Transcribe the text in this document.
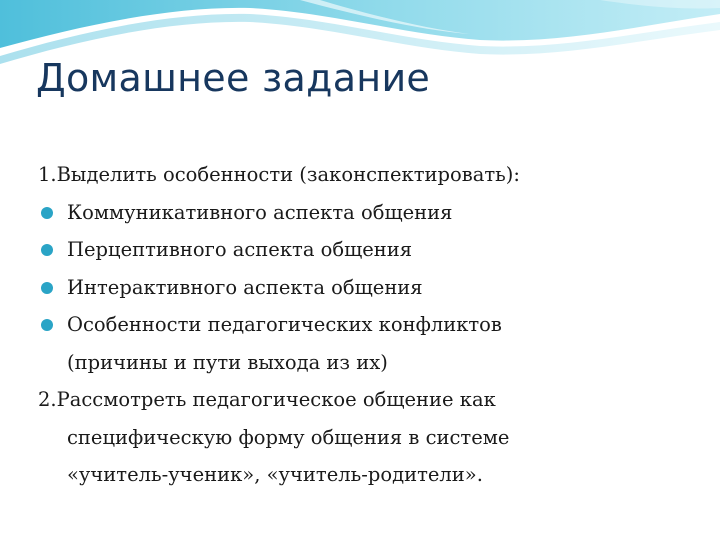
Домашнее задание
1.Выделить особенности (законспектировать):
Коммуникативного аспекта общения
Перцептивного аспекта общения
Интерактивного аспекта общения
Особенности педагогических конфликтов
(причины и пути выхода из их)
2.Рассмотреть педагогическое общение как
специфическую форму общения в системе
«учитель-ученик», «учитель-родители».
